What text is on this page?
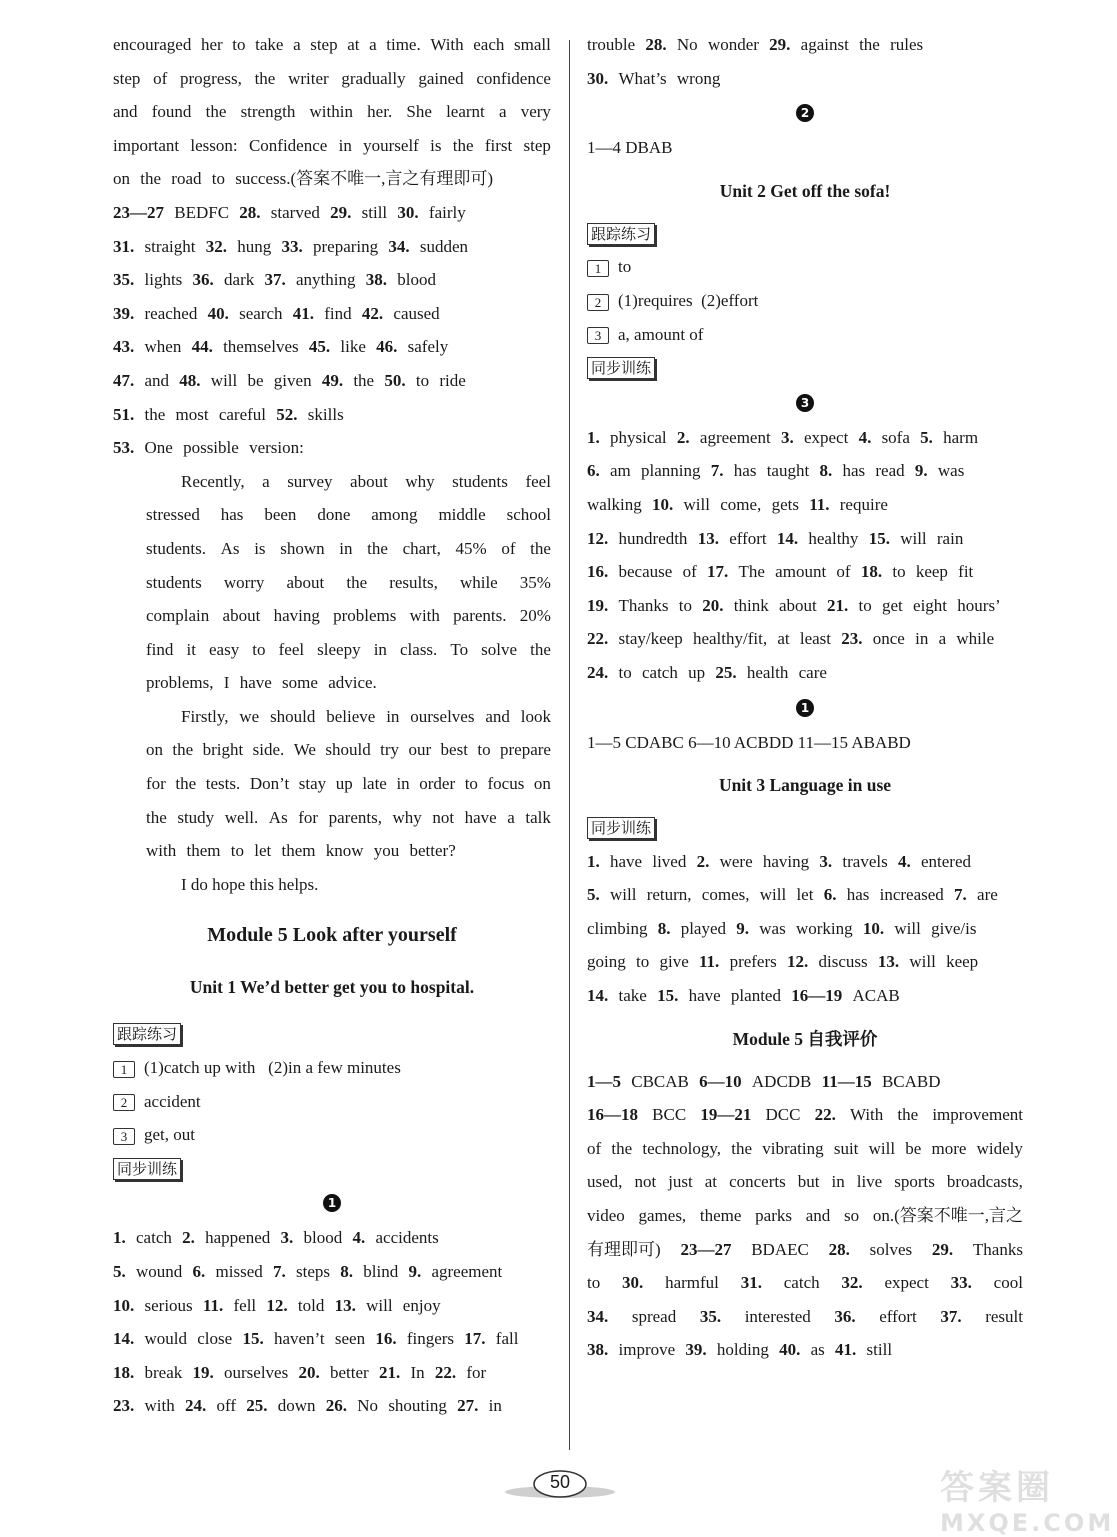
encouraged her to take a step at a time. With each small
step of progress, the writer gradually gained confidence
and found the strength within her. She learnt a very
important lesson: Confidence in yourself is the first step
on the road to success.(答案不唯一,言之有理即可)
23—27 BEDFC 28. starved 29. still 30. fairly
31. straight 32. hung 33. preparing 34. sudden
35. lights 36. dark 37. anything 38. blood
39. reached 40. search 41. find 42. caused
43. when 44. themselves 45. like 46. safely
47. and 48. will be given 49. the 50. to ride
51. the most careful 52. skills
53. One possible version:
Recently, a survey about why students feel
stressed has been done among middle school
students. As is shown in the chart, 45% of the
students worry about the results, while 35%
complain about having problems with parents. 20%
find it easy to feel sleepy in class. To solve the
problems, I have some advice.
Firstly, we should believe in ourselves and look
on the bright side. We should try our best to prepare
for the tests. Don’t stay up late in order to focus on
the study well. As for parents, why not have a talk
with them to let them know you better?
I do hope this helps.
Module 5 Look after yourself
Unit 1 We’d better get you to hospital.
跟踪练习
1 (1)catch up with   (2)in a few minutes
2 accident
3 get, out
同步训练
1
1. catch 2. happened 3. blood 4. accidents
5. wound 6. missed 7. steps 8. blind 9. agreement
10. serious 11. fell 12. told 13. will enjoy
14. would close 15. haven’t seen 16. fingers 17. fall
18. break 19. ourselves 20. better 21. In 22. for
23. with 24. off 25. down 26. No shouting 27. in
trouble 28. No wonder 29. against the rules
30. What’s wrong
2
1—4 DBAB
Unit 2 Get off the sofa!
跟踪练习
1 to
2 (1)requires  (2)effort
3 a, amount of
同步训练
3
1. physical 2. agreement 3. expect 4. sofa 5. harm
6. am planning 7. has taught 8. has read 9. was
walking 10. will come, gets 11. require
12. hundredth 13. effort 14. healthy 15. will rain
16. because of 17. The amount of 18. to keep fit
19. Thanks to 20. think about 21. to get eight hours’
22. stay/keep healthy/fit, at least 23. once in a while
24. to catch up 25. health care
1
1—5 CDABC 6—10 ACBDD 11—15 ABABD
Unit 3 Language in use
同步训练
1. have lived 2. were having 3. travels 4. entered
5. will return, comes, will let 6. has increased 7. are
climbing 8. played 9. was working 10. will give/is
going to give 11. prefers 12. discuss 13. will keep
14. take 15. have planted 16—19 ACAB
Module 5 自我评价
1—5 CBCAB 6—10 ADCDB 11—15 BCABD
16—18 BCC 19—21 DCC 22. With the improvement
of the technology, the vibrating suit will be more widely
used, not just at concerts but in live sports broadcasts,
video games, theme parks and so on.(答案不唯一,言之
有理即可) 23—27 BDAEC 28. solves 29. Thanks
to 30. harmful 31. catch 32. expect 33. cool
34. spread 35. interested 36. effort 37. result
38. improve 39. holding 40. as 41. still
50	答案圈
MXQE.COM
